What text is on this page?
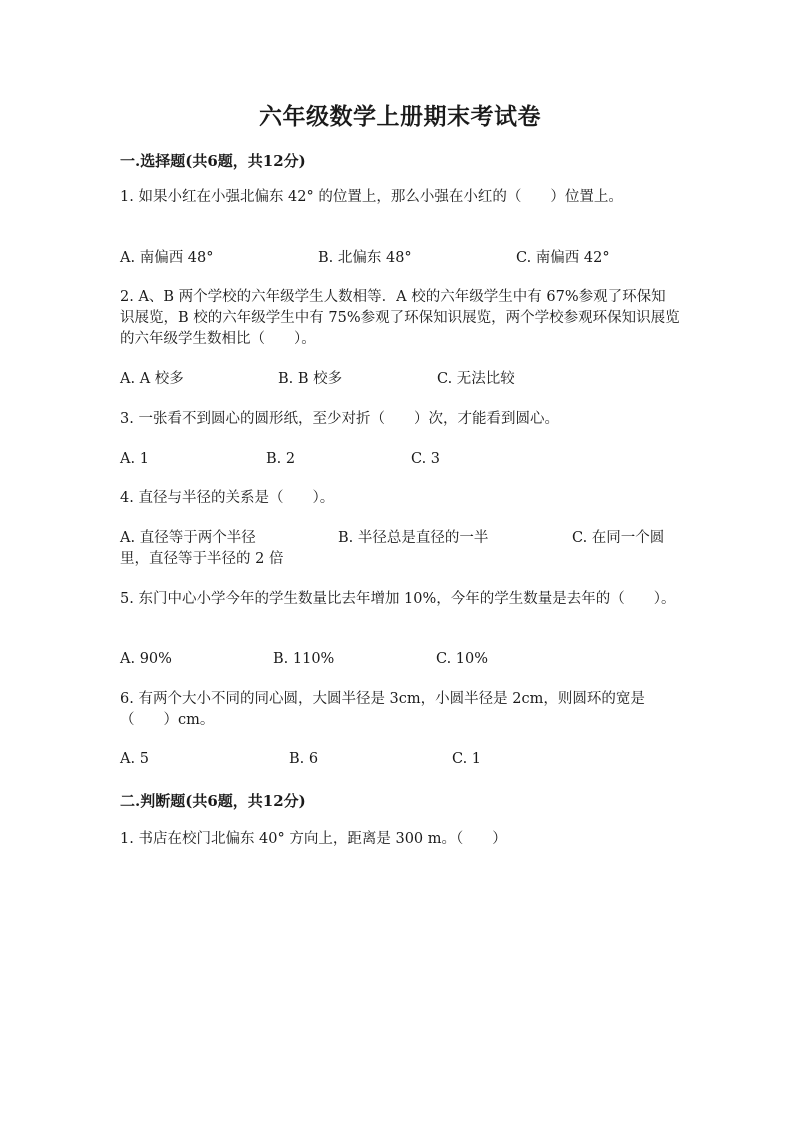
六年级数学上册期末考试卷
一.选择题(共6题，共12分)
1. 如果小红在小强北偏东 42° 的位置上，那么小强在小红的（　　）位置上。
A. 南偏西 48°	B. 北偏东 48°	C. 南偏西 42°
2. A、B 两个学校的六年级学生人数相等．A 校的六年级学生中有 67%参观了环保知识展览，B 校的六年级学生中有 75%参观了环保知识展览，两个学校参观环保知识展览的六年级学生数相比（　　）。
A. A 校多	B. B 校多	C. 无法比较
3. 一张看不到圆心的圆形纸，至少对折（　　）次，才能看到圆心。
A. 1	B. 2	C. 3
4. 直径与半径的关系是（　　）。
A. 直径等于两个半径	B. 半径总是直径的一半	C. 在同一个圆里，直径等于半径的 2 倍
5. 东门中心小学今年的学生数量比去年增加 10%，今年的学生数量是去年的（　　）。
A. 90%	B. 110%	C. 10%
6. 有两个大小不同的同心圆，大圆半径是 3cm，小圆半径是 2cm，则圆环的宽是（　　）cm。
A. 5	B. 6	C. 1
二.判断题(共6题，共12分)
1. 书店在校门北偏东 40° 方向上，距离是 300 m。（　　）
